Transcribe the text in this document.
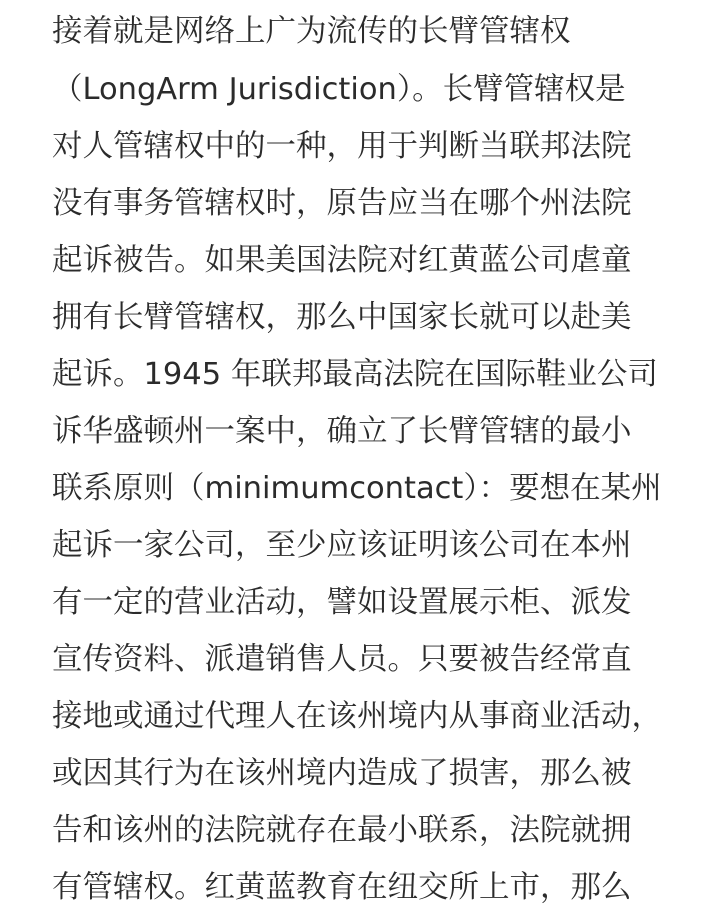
接着就是网络上广为流传的长臂管辖权
（LongArm Jurisdiction）。长臂管辖权是
对人管辖权中的一种，用于判断当联邦法院
没有事务管辖权时，原告应当在哪个州法院
起诉被告。如果美国法院对红黄蓝公司虐童
拥有长臂管辖权，那么中国家长就可以赴美
起诉。1945 年联邦最高法院在国际鞋业公司
诉华盛顿州一案中，确立了长臂管辖的最小
联系原则（minimumcontact）：要想在某州
起诉一家公司，至少应该证明该公司在本州
有一定的营业活动，譬如设置展示柜、派发
宣传资料、派遣销售人员。只要被告经常直
接地或通过代理人在该州境内从事商业活动，
或因其行为在该州境内造成了损害，那么被
告和该州的法院就存在最小联系，法院就拥
有管辖权。红黄蓝教育在纽交所上市，那么
